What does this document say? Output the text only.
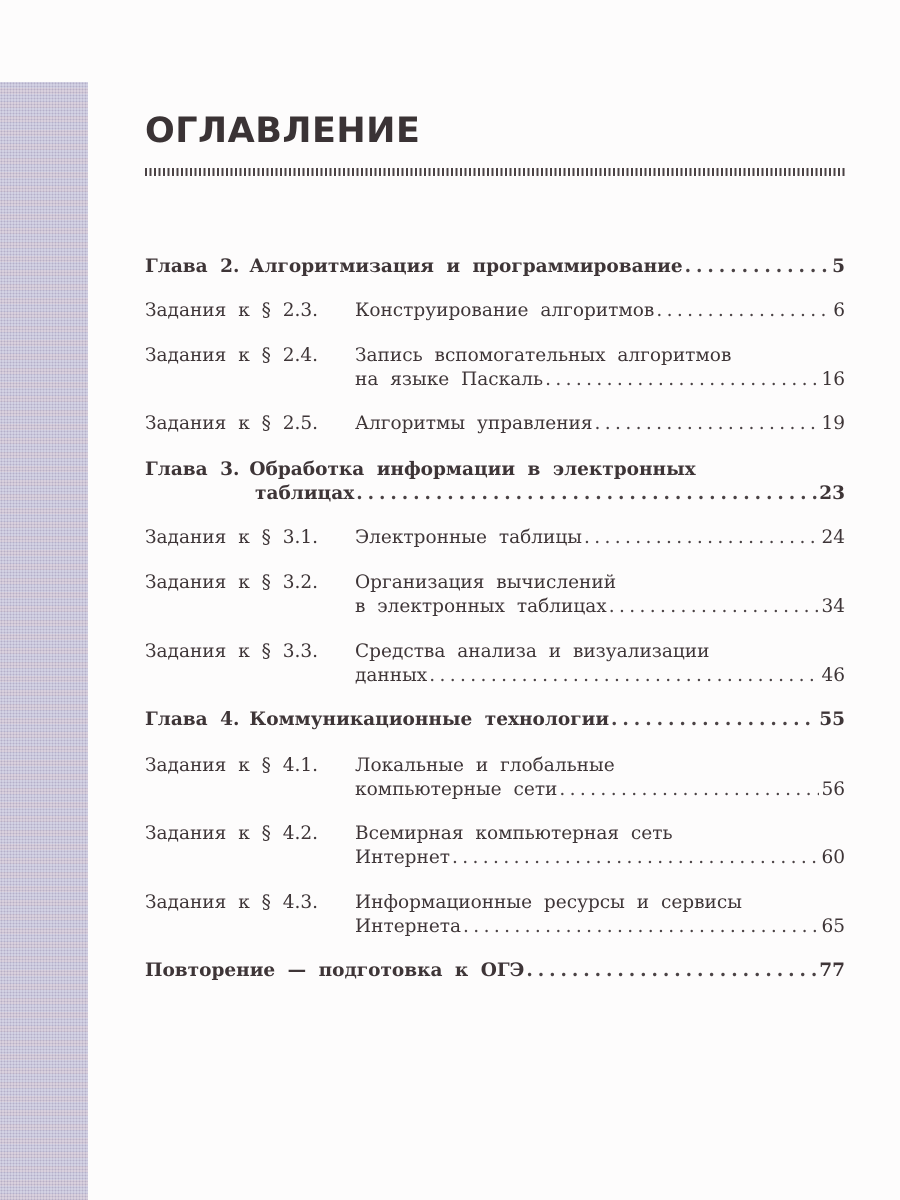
ОГЛАВЛЕНИЕ
Глава 2. Алгоритмизация и программирование . . .	5
Задания к § 2.3.	Конструирование алгоритмов . . .	6
Задания к § 2.4.	Запись вспомогательных алгоритмов
на языке Паскаль . . .	16
Задания к § 2.5.	Алгоритмы управления . . .	19
Глава 3. Обработка информации в электронных
таблицах . . .	23
Задания к § 3.1.	Электронные таблицы . . .	24
Задания к § 3.2.	Организация вычислений
в электронных таблицах . . .	34
Задания к § 3.3.	Средства анализа и визуализации
данных . . .	46
Глава 4. Коммуникационные технологии . . .	55
Задания к § 4.1.	Локальные и глобальные
компьютерные сети . . .	56
Задания к § 4.2.	Всемирная компьютерная сеть
Интернет . . .	60
Задания к § 4.3.	Информационные ресурсы и сервисы
Интернета . . .	65
Повторение — подготовка к ОГЭ . . .	77
